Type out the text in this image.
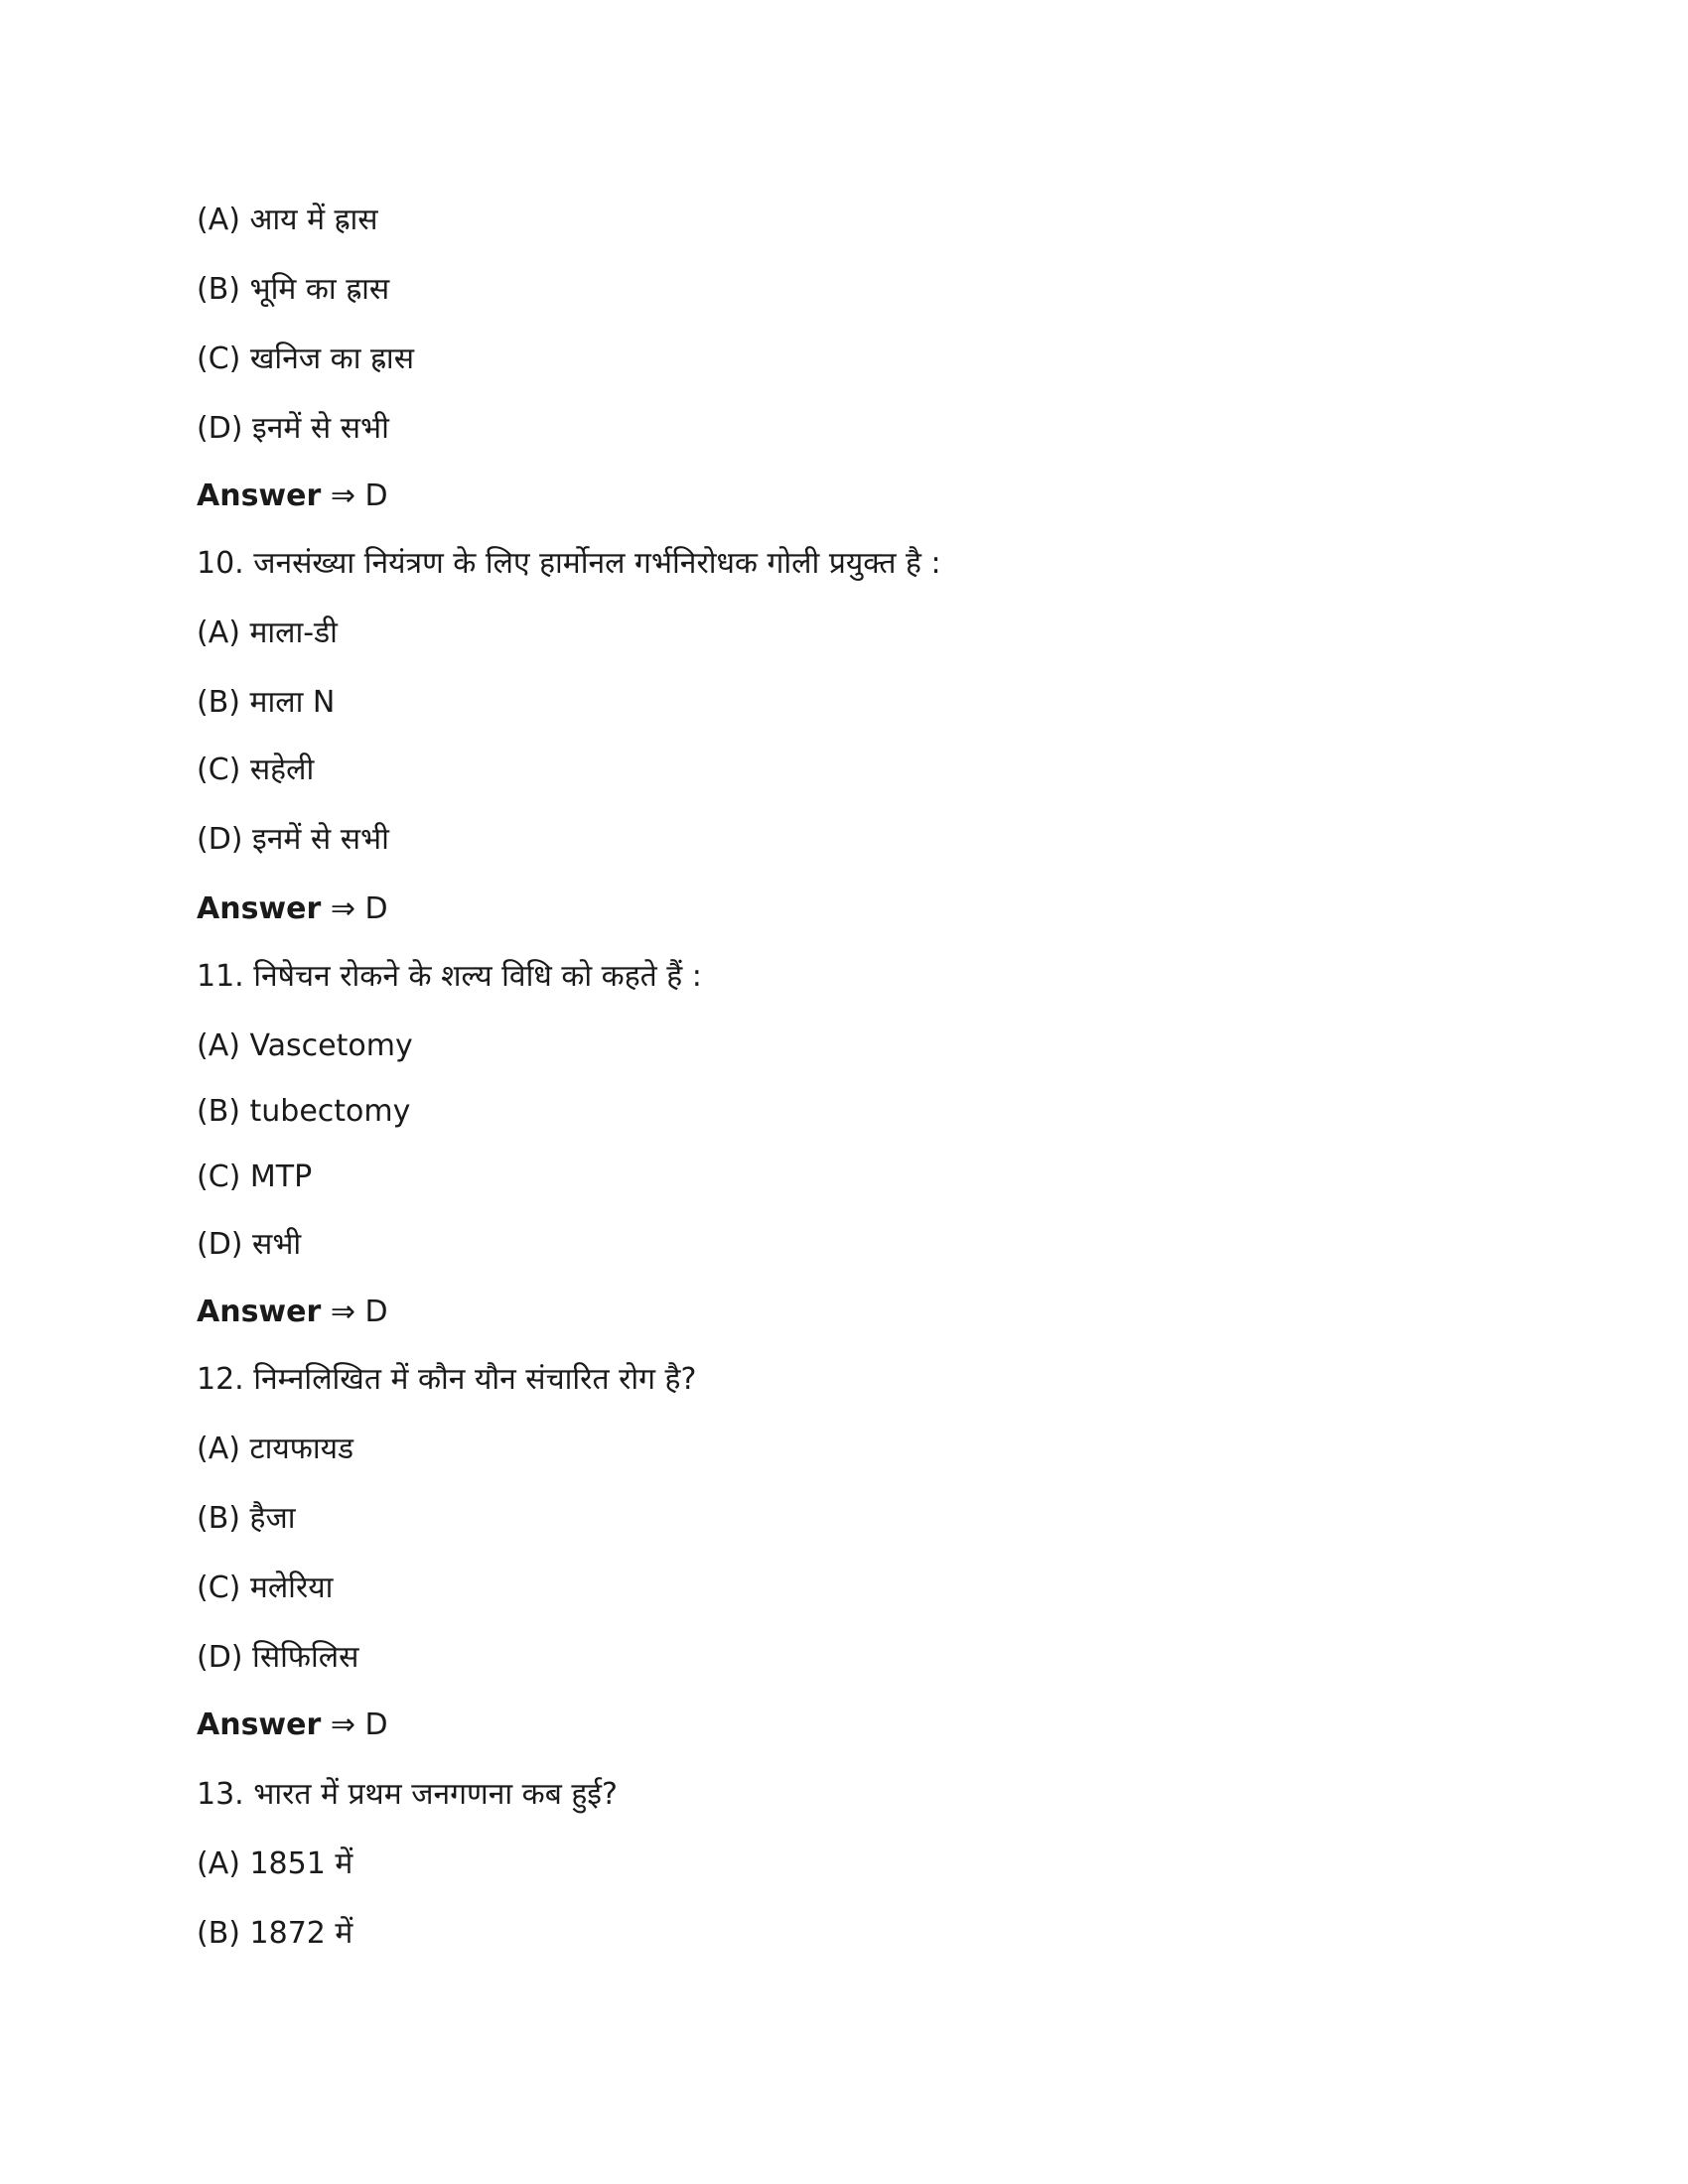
(A) आय में ह्रास
(B) भूमि का ह्रास
(C) खनिज का ह्रास
(D) इनमें से सभी
Answer ⇒ D
10. जनसंख्या नियंत्रण के लिए हार्मोनल गर्भनिरोधक गोली प्रयुक्त है :
(A) माला-डी
(B) माला N
(C) सहेली
(D) इनमें से सभी
Answer ⇒ D
11. निषेचन रोकने के शल्य विधि को कहते हैं :
(A) Vascetomy
(B) tubectomy
(C) MTP
(D) सभी
Answer ⇒ D
12. निम्नलिखित में कौन यौन संचारित रोग है?
(A) टायफायड
(B) हैजा
(C) मलेरिया
(D) सिफिलिस
Answer ⇒ D
13. भारत में प्रथम जनगणना कब हुई?
(A) 1851 में
(B) 1872 में
